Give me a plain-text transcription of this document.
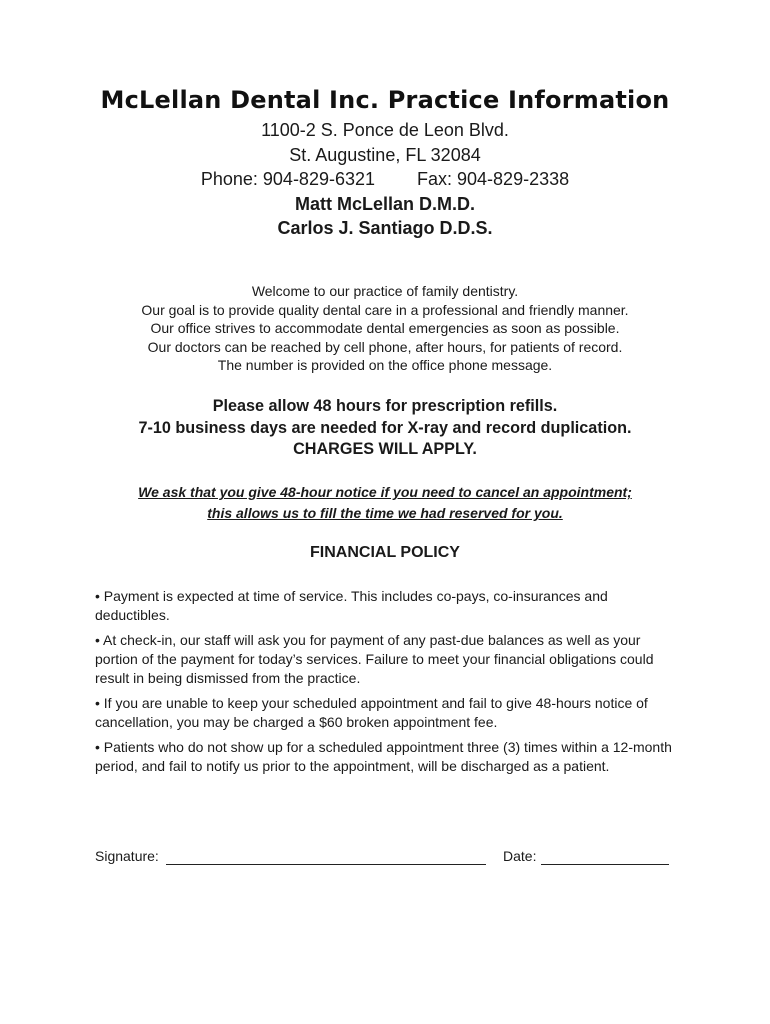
McLellan Dental Inc. Practice Information
1100-2 S. Ponce de Leon Blvd.
St. Augustine, FL 32084
Phone: 904-829-6321 Fax: 904-829-2338
Matt McLellan D.M.D.
Carlos J. Santiago D.D.S.
Welcome to our practice of family dentistry.
Our goal is to provide quality dental care in a professional and friendly manner.
Our office strives to accommodate dental emergencies as soon as possible.
Our doctors can be reached by cell phone, after hours, for patients of record.
The number is provided on the office phone message.
Please allow 48 hours for prescription refills.
7-10 business days are needed for X-ray and record duplication.
CHARGES WILL APPLY.
We ask that you give 48-hour notice if you need to cancel an appointment;
this allows us to fill the time we had reserved for you.
FINANCIAL POLICY

• Payment is expected at time of service. This includes co-pays, co-insurances and deductibles.

• At check-in, our staff will ask you for payment of any past-due balances as well as your portion of the payment for today’s services. Failure to meet your financial obligations could result in being dismissed from the practice.

• If you are unable to keep your scheduled appointment and fail to give 48-hours notice of cancellation, you may be charged a $60 broken appointment fee.

• Patients who do not show up for a scheduled appointment three (3) times within a 12-month period, and fail to notify us prior to the appointment, will be discharged as a patient.

Signature:	Date:
